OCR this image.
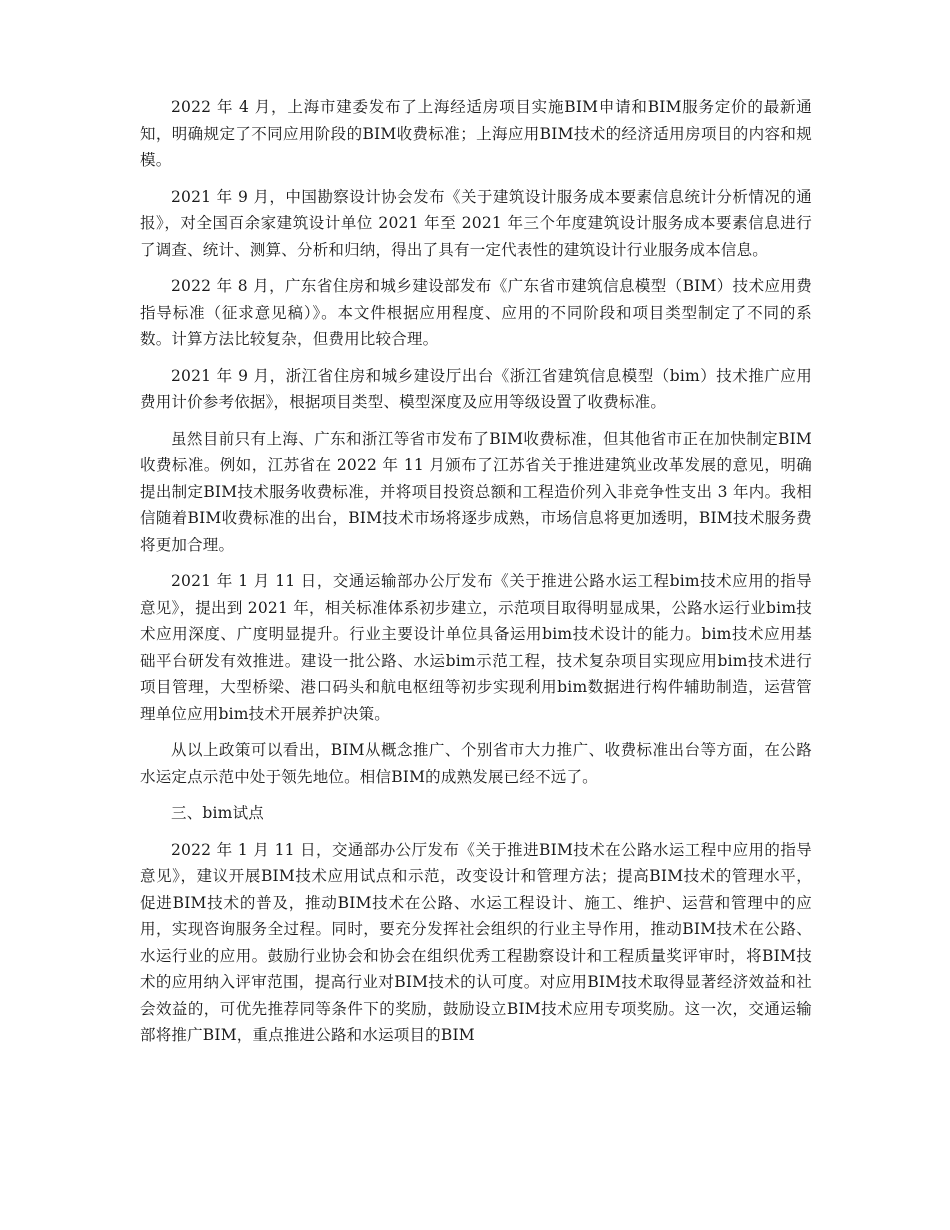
2022 年 4 月，上海市建委发布了上海经适房项目实施BIM申请和BIM服务定价的最新通知，明确规定了不同应用阶段的BIM收费标准；上海应用BIM技术的经济适用房项目的内容和规模。

2021 年 9 月，中国勘察设计协会发布《关于建筑设计服务成本要素信息统计分析情况的通报》，对全国百余家建筑设计单位 2021 年至 2021 年三个年度建筑设计服务成本要素信息进行了调查、统计、测算、分析和归纳，得出了具有一定代表性的建筑设计行业服务成本信息。

2022 年 8 月，广东省住房和城乡建设部发布《广东省市建筑信息模型（BIM）技术应用费指导标准（征求意见稿）》。本文件根据应用程度、应用的不同阶段和项目类型制定了不同的系数。计算方法比较复杂，但费用比较合理。

2021 年 9 月，浙江省住房和城乡建设厅出台《浙江省建筑信息模型（bim）技术推广应用费用计价参考依据》，根据项目类型、模型深度及应用等级设置了收费标准。

虽然目前只有上海、广东和浙江等省市发布了BIM收费标准，但其他省市正在加快制定BIM收费标准。例如，江苏省在 2022 年 11 月颁布了江苏省关于推进建筑业改革发展的意见，明确提出制定BIM技术服务收费标准，并将项目投资总额和工程造价列入非竞争性支出 3 年内。我相信随着BIM收费标准的出台，BIM技术市场将逐步成熟，市场信息将更加透明，BIM技术服务费将更加合理。

2021 年 1 月 11 日，交通运输部办公厅发布《关于推进公路水运工程bim技术应用的指导意见》，提出到 2021 年，相关标准体系初步建立，示范项目取得明显成果，公路水运行业bim技术应用深度、广度明显提升。行业主要设计单位具备运用bim技术设计的能力。bim技术应用基础平台研发有效推进。建设一批公路、水运bim示范工程，技术复杂项目实现应用bim技术进行项目管理，大型桥梁、港口码头和航电枢纽等初步实现利用bim数据进行构件辅助制造，运营管理单位应用bim技术开展养护决策。

从以上政策可以看出，BIM从概念推广、个别省市大力推广、收费标准出台等方面，在公路水运定点示范中处于领先地位。相信BIM的成熟发展已经不远了。

三、bim试点

2022 年 1 月 11 日，交通部办公厅发布《关于推进BIM技术在公路水运工程中应用的指导意见》，建议开展BIM技术应用试点和示范，改变设计和管理方法；提高BIM技术的管理水平，促进BIM技术的普及，推动BIM技术在公路、水运工程设计、施工、维护、运营和管理中的应用，实现咨询服务全过程。同时，要充分发挥社会组织的行业主导作用，推动BIM技术在公路、水运行业的应用。鼓励行业协会和协会在组织优秀工程勘察设计和工程质量奖评审时，将BIM技术的应用纳入评审范围，提高行业对BIM技术的认可度。对应用BIM技术取得显著经济效益和社会效益的，可优先推荐同等条件下的奖励，鼓励设立BIM技术应用专项奖励。这一次，交通运输部将推广BIM，重点推进公路和水运项目的BIM
